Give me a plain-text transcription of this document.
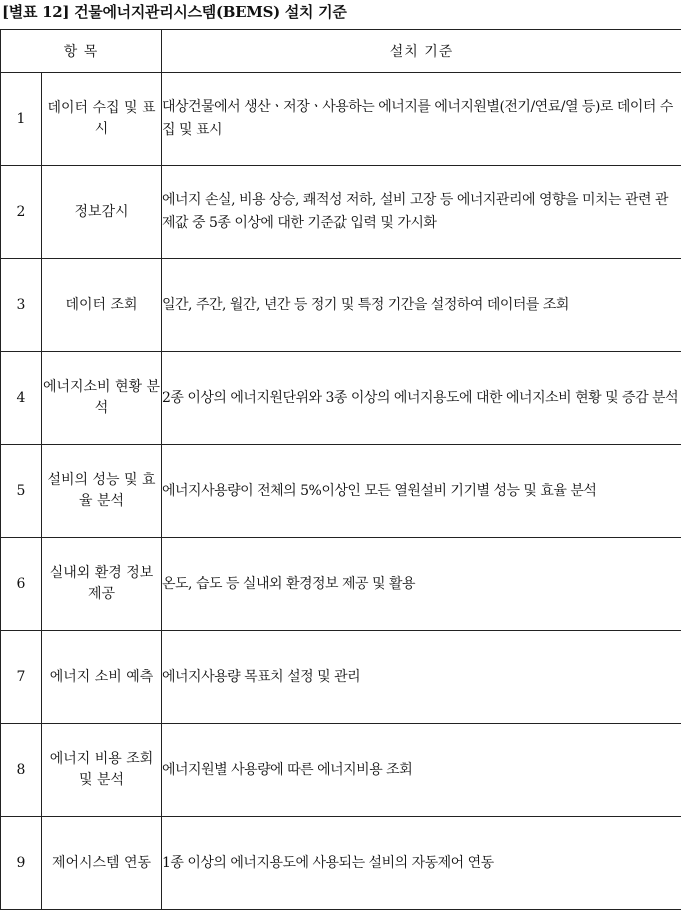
[별표 12] 건물에너지관리시스템(BEMS) 설치 기준
항 목		설치 기준
1	데이터 수집 및 표시	대상건물에서 생산ㆍ저장ㆍ사용하는 에너지를 에너지원별(전기/연료/열 등)로 데이터 수집 및 표시
2	정보감시	에너지 손실, 비용 상승, 쾌적성 저하, 설비 고장 등 에너지관리에 영향을 미치는 관련 관제값 중 5종 이상에 대한 기준값 입력 및 가시화
3	데이터 조회	일간, 주간, 월간, 년간 등 정기 및 특정 기간을 설정하여 데이터를 조회
4	에너지소비 현황 분석	2종 이상의 에너지원단위와 3종 이상의 에너지용도에 대한 에너지소비 현황 및 증감 분석
5	설비의 성능 및 효율 분석	에너지사용량이 전체의 5%이상인 모든 열원설비 기기별 성능 및 효율 분석
6	실내외 환경 정보 제공	온도, 습도 등 실내외 환경정보 제공 및 활용
7	에너지 소비 예측	에너지사용량 목표치 설정 및 관리
8	에너지 비용 조회 및 분석	에너지원별 사용량에 따른 에너지비용 조회
9	제어시스템 연동	1종 이상의 에너지용도에 사용되는 설비의 자동제어 연동
